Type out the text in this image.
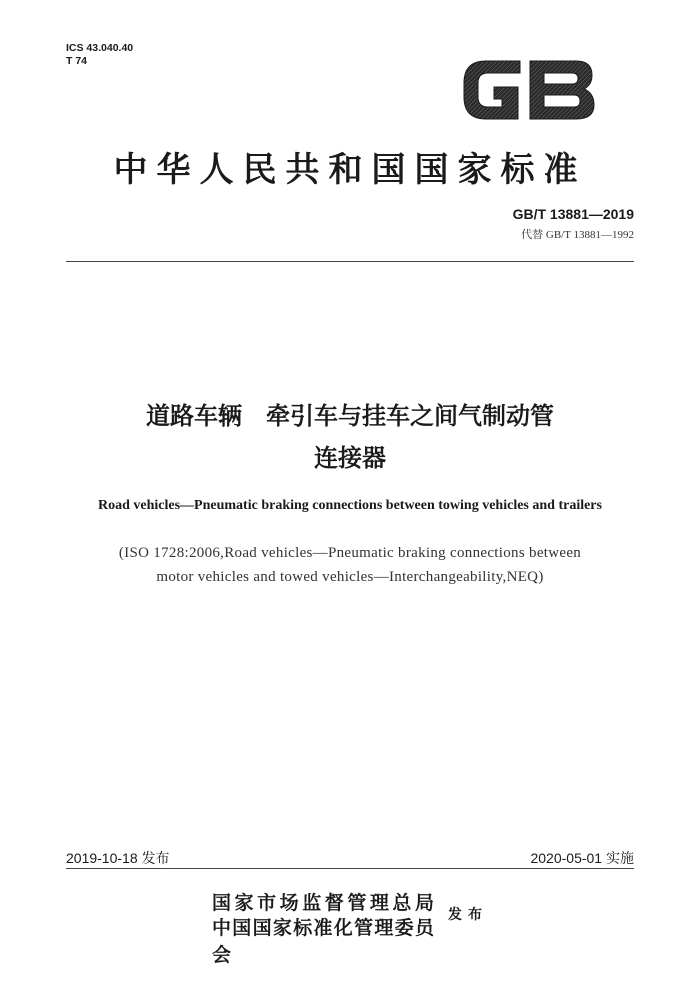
ICS 43.040.40
T 74
中华人民共和国国家标准
GB/T 13881—2019
代替 GB/T 13881—1992
道路车辆　牵引车与挂车之间气制动管
连接器
Road vehicles—Pneumatic braking connections between towing vehicles and trailers
(ISO 1728:2006,Road vehicles—Pneumatic braking connections between
motor vehicles and towed vehicles—Interchangeability,NEQ)
2019-10-18 发布	2020-05-01 实施
国家市场监督管理总局
中国国家标准化管理委员会
发布
